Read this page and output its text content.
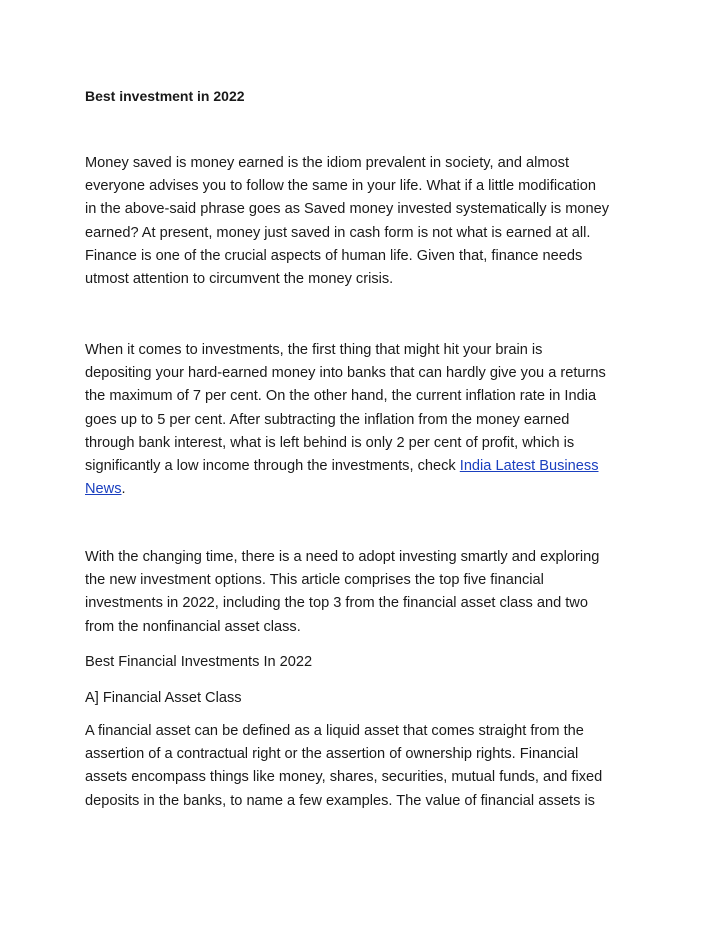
Best investment in 2022

Money saved is money earned is the idiom prevalent in society, and almost
everyone advises you to follow the same in your life. What if a little modification
in the above-said phrase goes as Saved money invested systematically is money
earned? At present, money just saved in cash form is not what is earned at all.
Finance is one of the crucial aspects of human life. Given that, finance needs
utmost attention to circumvent the money crisis.

When it comes to investments, the first thing that might hit your brain is
depositing your hard-earned money into banks that can hardly give you a returns
the maximum of 7 per cent. On the other hand, the current inflation rate in India
goes up to 5 per cent. After subtracting the inflation from the money earned
through bank interest, what is left behind is only 2 per cent of profit, which is
significantly a low income through the investments, check India Latest Business
News.

With the changing time, there is a need to adopt investing smartly and exploring
the new investment options. This article comprises the top five financial
investments in 2022, including the top 3 from the financial asset class and two
from the nonfinancial asset class.

Best Financial Investments In 2022

A] Financial Asset Class

A financial asset can be defined as a liquid asset that comes straight from the
assertion of a contractual right or the assertion of ownership rights. Financial
assets encompass things like money, shares, securities, mutual funds, and fixed
deposits in the banks, to name a few examples. The value of financial assets is
